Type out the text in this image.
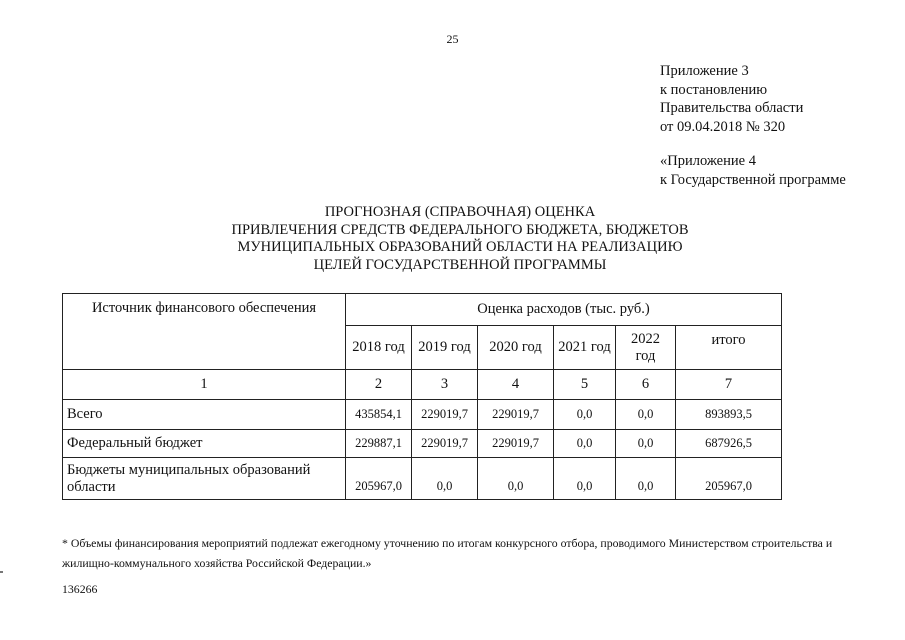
25
Приложение 3
к постановлению
Правительства области
от 09.04.2018 № 320
«Приложение 4
к Государственной программе
ПРОГНОЗНАЯ (СПРАВОЧНАЯ) ОЦЕНКА
ПРИВЛЕЧЕНИЯ СРЕДСТВ ФЕДЕРАЛЬНОГО БЮДЖЕТА, БЮДЖЕТОВ
МУНИЦИПАЛЬНЫХ ОБРАЗОВАНИЙ ОБЛАСТИ НА РЕАЛИЗАЦИЮ
ЦЕЛЕЙ ГОСУДАРСТВЕННОЙ ПРОГРАММЫ
Источник финансового обеспечения	Оценка расходов (тыс. руб.)					
	2018 год	2019 год	2020 год	2021 год	2022 год	итого
1	2	3	4	5	6	7
Всего	435854,1	229019,7	229019,7	0,0	0,0	893893,5
Федеральный бюджет	229887,1	229019,7	229019,7	0,0	0,0	687926,5
Бюджеты муниципальных образований области	205967,0	0,0	0,0	0,0	0,0	205967,0
* Объемы финансирования мероприятий подлежат ежегодному уточнению по итогам конкурсного отбора, проводимого Министерством строительства и жилищно-коммунального хозяйства Российской Федерации.»
136266
